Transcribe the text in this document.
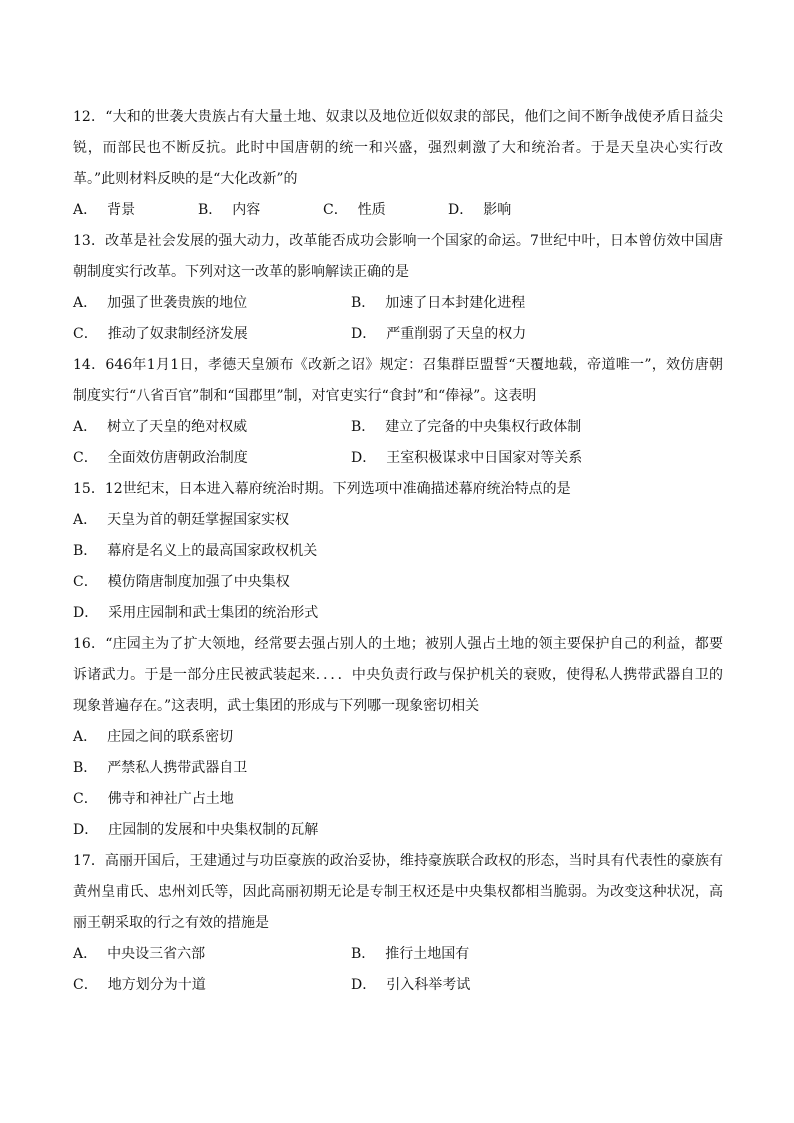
12．“大和的世袭大贵族占有大量土地、奴隶以及地位近似奴隶的部民，他们之间不断争战使矛盾日益尖锐，而部民也不断反抗。此时中国唐朝的统一和兴盛，强烈刺激了大和统治者。于是天皇决心实行改革。”此则材料反映的是“大化改新”的

A． 背景	B． 内容	C． 性质	D． 影响

13．改革是社会发展的强大动力，改革能否成功会影响一个国家的命运。7世纪中叶，日本曾仿效中国唐朝制度实行改革。下列对这一改革的影响解读正确的是

A． 加强了世袭贵族的地位	B． 加速了日本封建化进程
C． 推动了奴隶制经济发展	D． 严重削弱了天皇的权力

14．646年1月1日，孝德天皇颁布《改新之诏》规定：召集群臣盟誓“天覆地载，帝道唯一”，效仿唐朝制度实行“八省百官”制和“国郡里”制，对官吏实行“食封”和“俸禄”。这表明

A． 树立了天皇的绝对权威	B． 建立了完备的中央集权行政体制
C． 全面效仿唐朝政治制度	D． 王室积极谋求中日国家对等关系

15．12世纪末，日本进入幕府统治时期。下列选项中准确描述幕府统治特点的是

A． 天皇为首的朝廷掌握国家实权
B． 幕府是名义上的最高国家政权机关
C． 模仿隋唐制度加强了中央集权
D． 采用庄园制和武士集团的统治形式

16．“庄园主为了扩大领地，经常要去强占别人的土地；被别人强占土地的领主要保护自己的利益，都要诉诸武力。于是一部分庄民被武装起来．．．．中央负责行政与保护机关的衰败，使得私人携带武器自卫的现象普遍存在。”这表明，武士集团的形成与下列哪一现象密切相关

A． 庄园之间的联系密切
B． 严禁私人携带武器自卫
C． 佛寺和神社广占土地
D． 庄园制的发展和中央集权制的瓦解

17．高丽开国后，王建通过与功臣豪族的政治妥协，维持豪族联合政权的形态，当时具有代表性的豪族有黄州皇甫氏、忠州刘氏等，因此高丽初期无论是专制王权还是中央集权都相当脆弱。为改变这种状况，高丽王朝采取的行之有效的措施是

A． 中央设三省六部	B． 推行土地国有
C． 地方划分为十道	D． 引入科举考试
